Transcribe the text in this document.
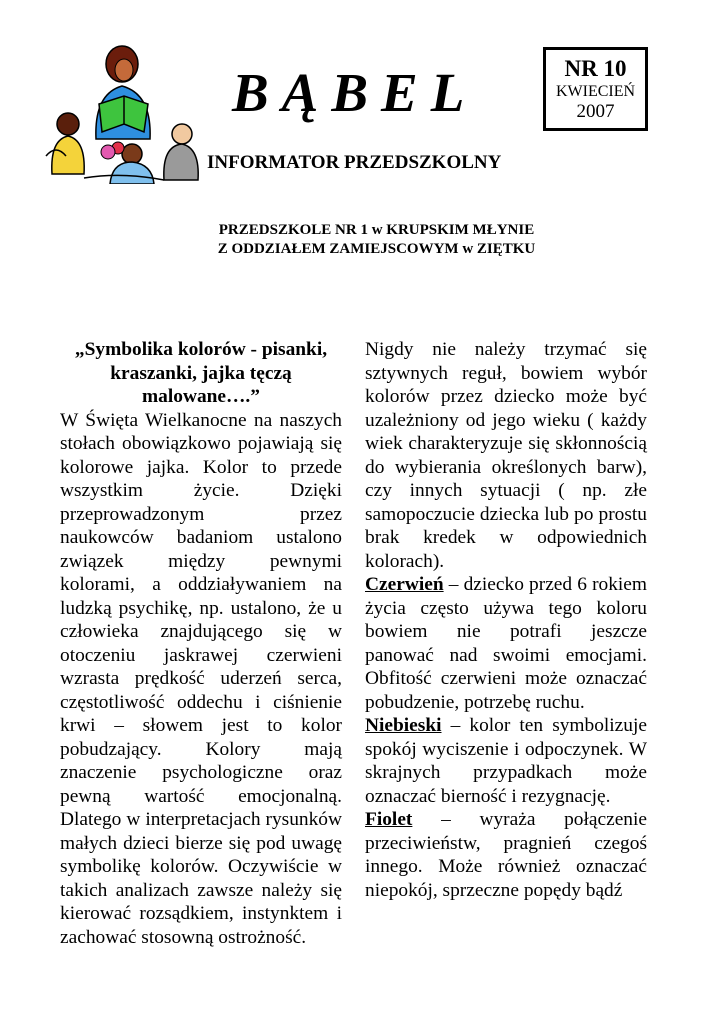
BĄBEL	NR 10
KWIECIEŃ
2007
INFORMATOR PRZEDSZKOLNY
PRZEDSZKOLE NR 1 w KRUPSKIM MŁYNIE
Z ODDZIAŁEM ZAMIEJSCOWYM w ZIĘTKU

„Symbolika kolorów - pisanki, kraszanki, jajka tęczą malowane….”

W Święta Wielkanocne na naszych stołach obowiązkowo pojawiają się kolorowe jajka. Kolor to przede wszystkim życie. Dzięki przeprowadzonym przez naukowców badaniom ustalono związek między pewnymi kolorami, a oddziaływaniem na ludzką psychikę, np. ustalono, że u człowieka znajdującego się w otoczeniu jaskrawej czerwieni wzrasta prędkość uderzeń serca, częstotliwość oddechu i ciśnienie krwi – słowem jest to kolor pobudzający. Kolory mają znaczenie psychologiczne oraz pewną wartość emocjonalną. Dlatego w interpretacjach rysunków małych dzieci bierze się pod uwagę symbolikę kolorów. Oczywiście w takich analizach zawsze należy się kierować rozsądkiem, instynktem i zachować stosowną ostrożność.

Nigdy nie należy trzymać się sztywnych reguł, bowiem wybór kolorów przez dziecko może być uzależniony od jego wieku ( każdy wiek charakteryzuje się skłonnością do wybierania określonych barw), czy innych sytuacji ( np. złe samopoczucie dziecka lub po prostu brak kredek w odpowiednich kolorach).

Czerwień – dziecko przed 6 rokiem życia często używa tego koloru bowiem nie potrafi jeszcze panować nad swoimi emocjami. Obfitość czerwieni może oznaczać pobudzenie, potrzebę ruchu.

Niebieski – kolor ten symbolizuje spokój wyciszenie i odpoczynek. W skrajnych przypadkach może oznaczać bierność i rezygnację.

Fiolet – wyraża połączenie przeciwieństw, pragnień czegoś innego. Może również oznaczać niepokój, sprzeczne popędy bądź
